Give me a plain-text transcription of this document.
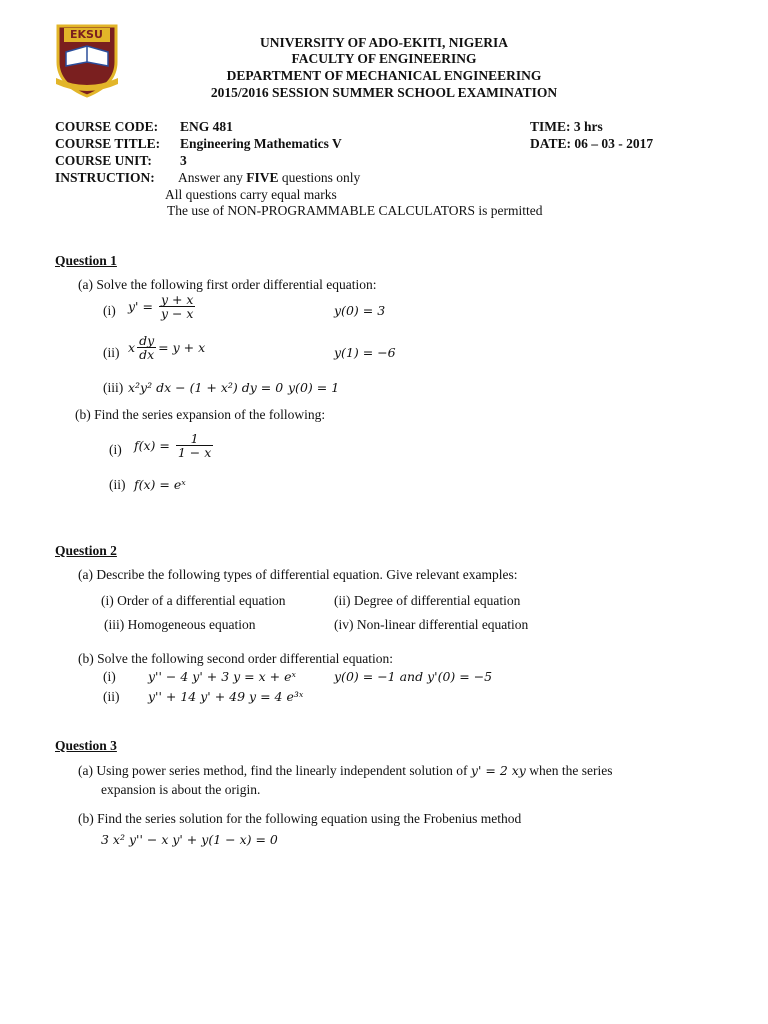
EKSU
UNIVERSITY OF ADO-EKITI, NIGERIA
FACULTY OF ENGINEERING
DEPARTMENT OF MECHANICAL ENGINEERING
2015/2016 SESSION SUMMER SCHOOL EXAMINATION
COURSE CODE: ENG 481	TIME: 3 hrs
COURSE TITLE: Engineering Mathematics V	DATE: 06 – 03 - 2017
COURSE UNIT: 3
INSTRUCTION: Answer any FIVE questions only
All questions carry equal marks
The use of NON-PROGRAMMABLE CALCULATORS is permitted
Question 1
(a) Solve the following first order differential equation:
(i) $y' = \frac{y + x}{y - x}$	y(0) = 3
(ii) x $\frac{dy}{dx} = y + x$	y(1) = −6
(iii) x²y² dx − (1 + x²) dy = 0 y(0) = 1
(b) Find the series expansion of the following:
(i) $f(x) = \frac{1}{1 - x}$
(ii) f(x) = eˣ
Question 2
(a) Describe the following types of differential equation. Give relevant examples:
(i) Order of a differential equation	(ii) Degree of differential equation
(iii) Homogeneous equation	(iv) Non-linear differential equation
(b) Solve the following second order differential equation:
(i)	y'' − 4 y' + 3 y = x + eˣ	y(0) = −1 and y'(0) = −5
(ii) y'' + 14 y' + 49 y = 4 e³ˣ
Question 3
(a) Using power series method, find the linearly independent solution of y' = 2 xy when the series
expansion is about the origin.
(b) Find the series solution for the following equation using the Frobenius method
3 x² y'' − x y' + y(1 − x) = 0
